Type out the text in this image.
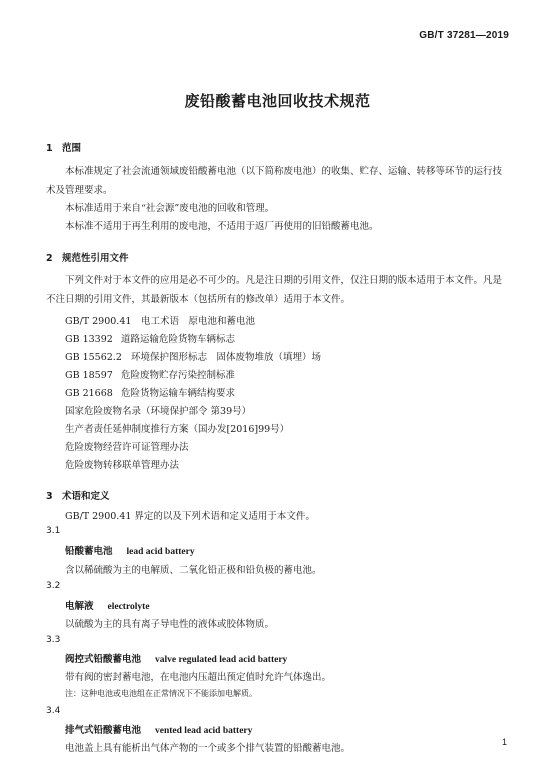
GB/T 37281—2019
废铅酸蓄电池回收技术规范
1 范围
本标准规定了社会流通领域废铅酸蓄电池（以下简称废电池）的收集、贮存、运输、转移等环节的运行技术及管理要求。
本标准适用于来自“社会源”废电池的回收和管理。
本标准不适用于再生利用的废电池，不适用于返厂再使用的旧铅酸蓄电池。
2 规范性引用文件
下列文件对于本文件的应用是必不可少的。凡是注日期的引用文件，仅注日期的版本适用于本文件。凡是不注日期的引用文件，其最新版本（包括所有的修改单）适用于本文件。
GB/T 2900.41 电工术语　原电池和蓄电池
GB 13392 道路运输危险货物车辆标志
GB 15562.2 环境保护图形标志　固体废物堆放（填埋）场
GB 18597 危险废物贮存污染控制标准
GB 21668 危险货物运输车辆结构要求
国家危险废物名录（环境保护部令 第39号）
生产者责任延伸制度推行方案（国办发[2016]99号）
危险废物经营许可证管理办法
危险废物转移联单管理办法
3 术语和定义
GB/T 2900.41 界定的以及下列术语和定义适用于本文件。
3.1
铅酸蓄电池 lead acid battery
含以稀硫酸为主的电解质、二氧化铅正极和铅负极的蓄电池。
3.2
电解液 electrolyte
以硫酸为主的具有离子导电性的液体或胶体物质。
3.3
阀控式铅酸蓄电池 valve regulated lead acid battery
带有阀的密封蓄电池，在电池内压超出预定值时允许气体逸出。
注：这种电池或电池组在正常情况下不能添加电解质。
3.4
排气式铅酸蓄电池 vented lead acid battery
电池盖上具有能析出气体产物的一个或多个排气装置的铅酸蓄电池。
1
